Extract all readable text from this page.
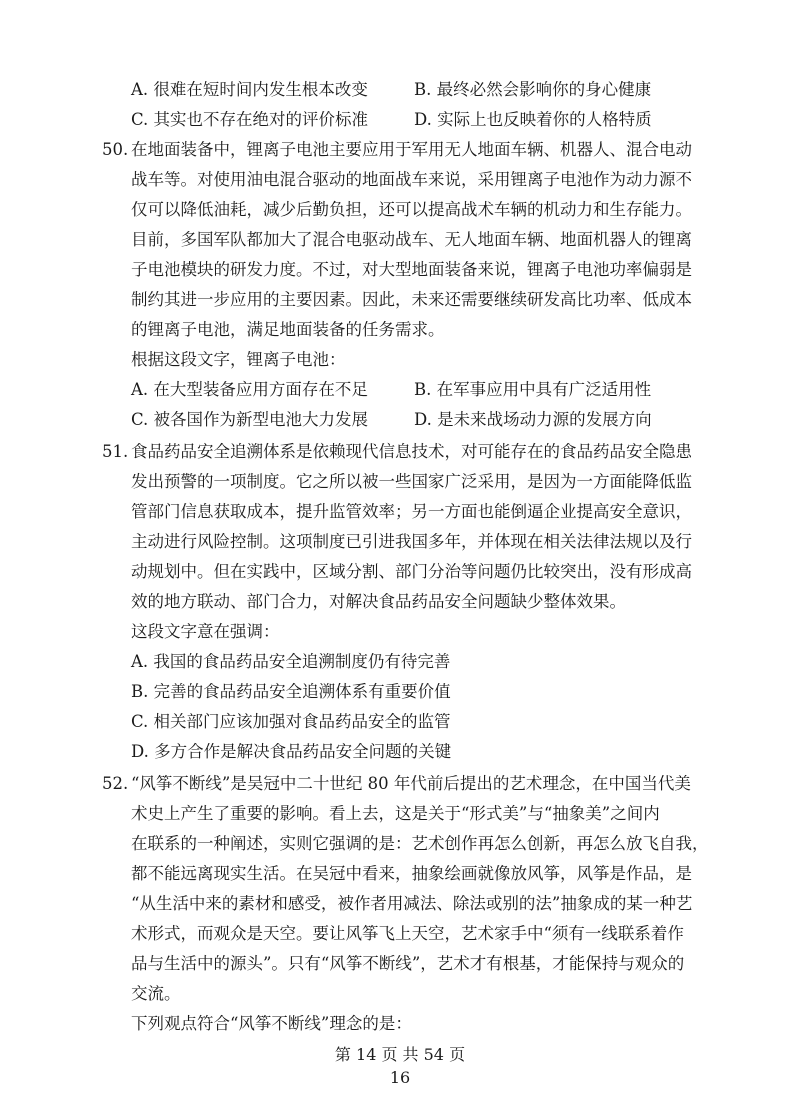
A. 很难在短时间内发生根本改变	B. 最终必然会影响你的身心健康
C. 其实也不存在绝对的评价标准	D. 实际上也反映着你的人格特质
50. 在地面装备中，锂离子电池主要应用于军用无人地面车辆、机器人、混合电动
战车等。对使用油电混合驱动的地面战车来说，采用锂离子电池作为动力源不
仅可以降低油耗，减少后勤负担，还可以提高战术车辆的机动力和生存能力。
目前，多国军队都加大了混合电驱动战车、无人地面车辆、地面机器人的锂离
子电池模块的研发力度。不过，对大型地面装备来说，锂离子电池功率偏弱是
制约其进一步应用的主要因素。因此，未来还需要继续研发高比功率、低成本
的锂离子电池，满足地面装备的任务需求。
根据这段文字，锂离子电池：
A. 在大型装备应用方面存在不足	B. 在军事应用中具有广泛适用性
C. 被各国作为新型电池大力发展	D. 是未来战场动力源的发展方向
51. 食品药品安全追溯体系是依赖现代信息技术，对可能存在的食品药品安全隐患
发出预警的一项制度。它之所以被一些国家广泛采用，是因为一方面能降低监
管部门信息获取成本，提升监管效率；另一方面也能倒逼企业提高安全意识，
主动进行风险控制。这项制度已引进我国多年，并体现在相关法律法规以及行
动规划中。但在实践中，区域分割、部门分治等问题仍比较突出，没有形成高
效的地方联动、部门合力，对解决食品药品安全问题缺少整体效果。
这段文字意在强调：
A. 我国的食品药品安全追溯制度仍有待完善
B. 完善的食品药品安全追溯体系有重要价值
C. 相关部门应该加强对食品药品安全的监管
D. 多方合作是解决食品药品安全问题的关键
52. “风筝不断线”是吴冠中二十世纪 80 年代前后提出的艺术理念，在中国当代美
术史上产生了重要的影响。看上去，这是关于“形式美”与“抽象美”之间内
在联系的一种阐述，实则它强调的是：艺术创作再怎么创新，再怎么放飞自我，
都不能远离现实生活。在吴冠中看来，抽象绘画就像放风筝，风筝是作品，是
“从生活中来的素材和感受，被作者用减法、除法或别的法”抽象成的某一种艺
术形式，而观众是天空。要让风筝飞上天空，艺术家手中“须有一线联系着作
品与生活中的源头”。只有“风筝不断线”，艺术才有根基，才能保持与观众的
交流。
下列观点符合“风筝不断线”理念的是：
第 14 页 共 54 页
16
